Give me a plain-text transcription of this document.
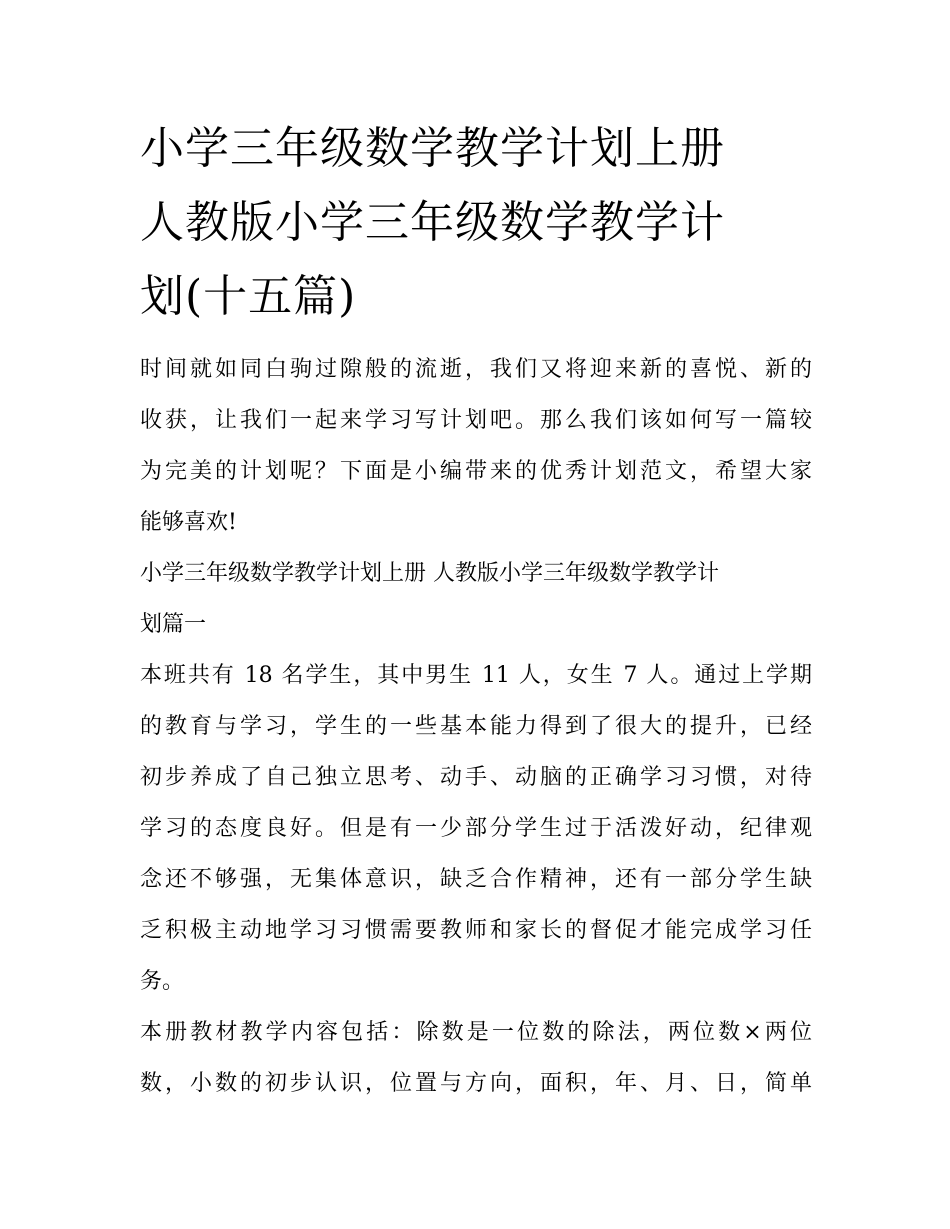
小学三年级数学教学计划上册
人教版小学三年级数学教学计
划(十五篇)

时间就如同白驹过隙般的流逝，我们又将迎来新的喜悦、新的
收获，让我们一起来学习写计划吧。那么我们该如何写一篇较
为完美的计划呢？下面是小编带来的优秀计划范文，希望大家
能够喜欢!

小学三年级数学教学计划上册 人教版小学三年级数学教学计
划篇一

本班共有 18 名学生，其中男生 11 人，女生 7 人。通过上学期
的教育与学习，学生的一些基本能力得到了很大的提升，已经
初步养成了自己独立思考、动手、动脑的正确学习习惯，对待
学习的态度良好。但是有一少部分学生过于活泼好动，纪律观
念还不够强，无集体意识，缺乏合作精神，还有一部分学生缺
乏积极主动地学习习惯需要教师和家长的督促才能完成学习任
务。

本册教材教学内容包括：除数是一位数的除法，两位数×两位
数，小数的初步认识，位置与方向，面积，年、月、日，简单
